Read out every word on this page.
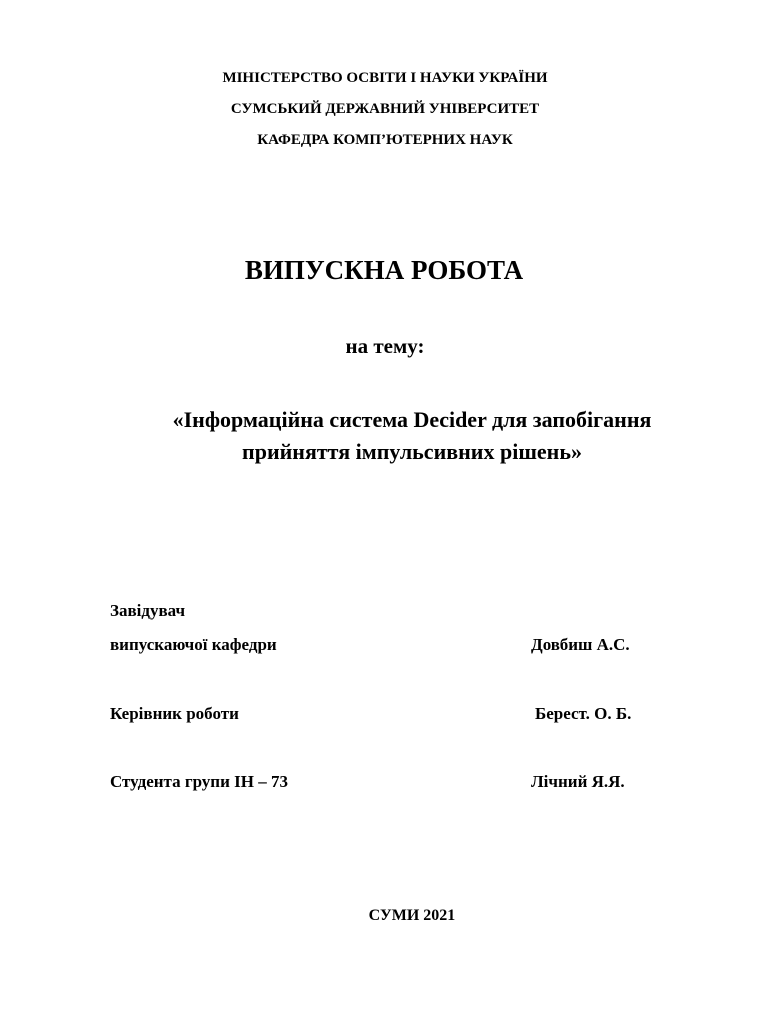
МІНІСТЕРСТВО ОСВІТИ І НАУКИ УКРАЇНИ
СУМСЬКИЙ ДЕРЖАВНИЙ УНІВЕРСИТЕТ
КАФЕДРА КОМП’ЮТЕРНИХ НАУК
ВИПУСКНА РОБОТА
на тему:
«Інформаційна система Decider для запобігання
прийняття імпульсивних рішень»
Завідувач
випускаючої кафедри	Довбиш А.С.
Керівник роботи	Берест. О. Б.
Студента групи ІН – 73	Лічний Я.Я.
СУМИ 2021
